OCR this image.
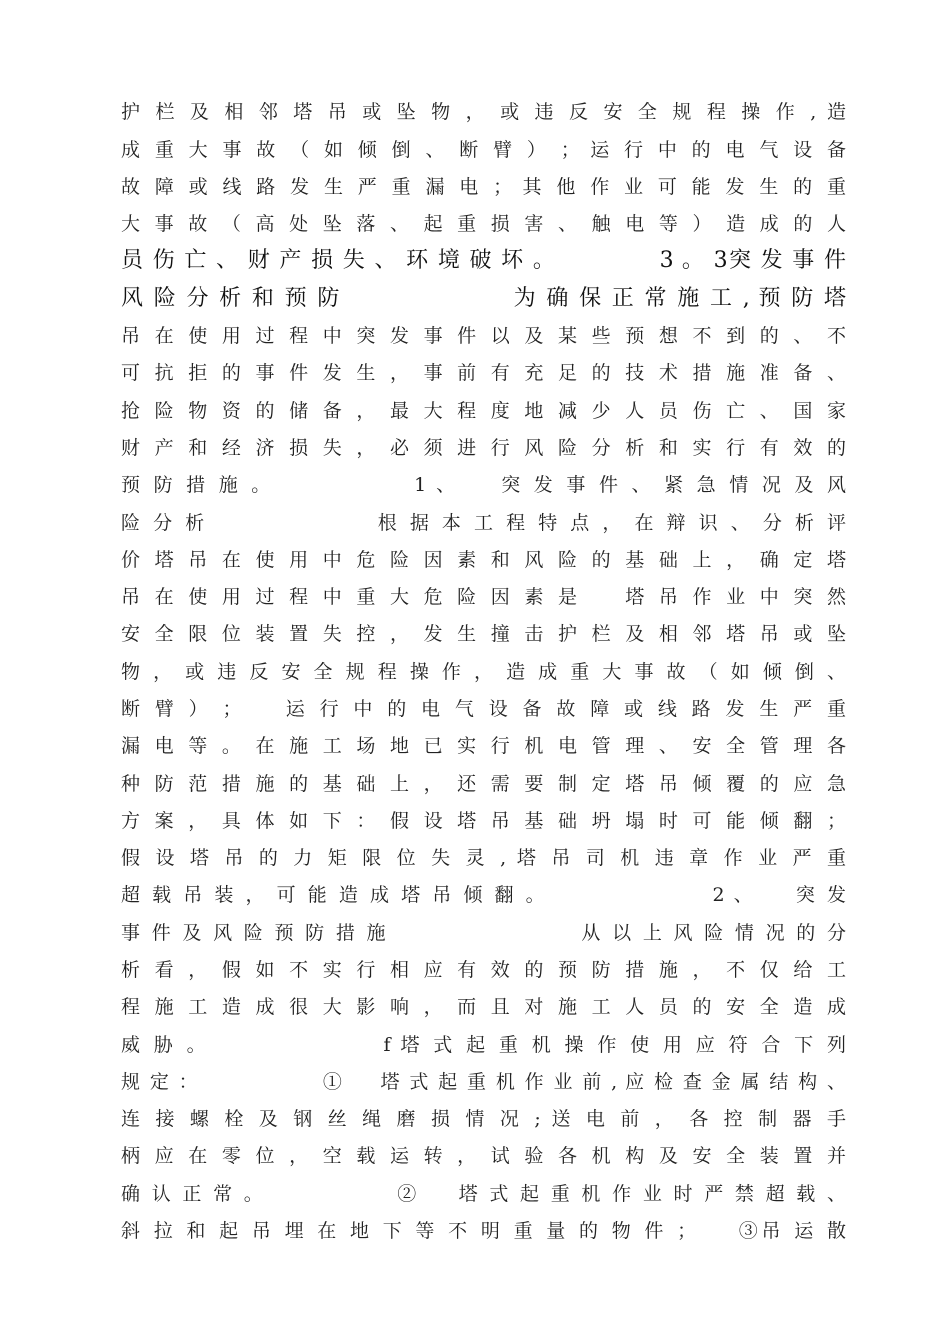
护 栏 及 相 邻 塔 吊 或 坠 物 ， 或 违 反 安 全 规 程 操 作 , 造
成 重 大 事 故 （ 如 倾 倒 、 断 臂 ） ； 运 行 中 的 电 气 设 备
故 障 或 线 路 发 生 严 重 漏 电 ； 其 他 作 业 可 能 发 生 的 重
大 事 故 （ 高 处 坠 落 、 起 重 损 害 、 触 电 等 ） 造 成 的 人
员 伤 亡 、 财 产 损 失 、 环 境 破 坏 。 　 　 　 3 。 3突 发 事 件
风 险 分 析 和 预 防 　 　 　 　 　 为 确 保 正 常 施 工 , 预 防 塔
吊 在 使 用 过 程 中 突 发 事 件 以 及 某 些 预 想 不 到 的 、 不
可 抗 拒 的 事 件 发 生 ， 事 前 有 充 足 的 技 术 措 施 准 备 、
抢 险 物 资 的 储 备 ， 最 大 程 度 地 减 少 人 员 伤 亡 、 国 家
财 产 和 经 济 损 失 ， 必 须 进 行 风 险 分 析 和 实 行 有 效 的
预 防 措 施 。 　 　 　 　 1 、 　 突 发 事 件 、 紧 急 情 况 及 风
险 分 析 　 　 　 　 　 根 据 本 工 程 特 点 ， 在 辩 识 、 分 析 评
价 塔 吊 在 使 用 中 危 险 因 素 和 风 险 的 基 础 上 ， 确 定 塔
吊 在 使 用 过 程 中 重 大 危 险 因 素 是 　 塔 吊 作 业 中 突 然
安 全 限 位 装 置 失 控 ， 发 生 撞 击 护 栏 及 相 邻 塔 吊 或 坠
物 ， 或 违 反 安 全 规 程 操 作 ， 造 成 重 大 事 故 （ 如 倾 倒 、
断 臂 ） ； 　 运 行 中 的 电 气 设 备 故 障 或 线 路 发 生 严 重
漏 电 等 。 在 施 工 场 地 已 实 行 机 电 管 理 、 安 全 管 理 各
种 防 范 措 施 的 基 础 上 ， 还 需 要 制 定 塔 吊 倾 覆 的 应 急
方 案 ， 具 体 如 下 ： 假 设 塔 吊 基 础 坍 塌 时 可 能 倾 翻 ；
假 设 塔 吊 的 力 矩 限 位 失 灵 , 塔 吊 司 机 违 章 作 业 严 重
超 载 吊 装 ， 可 能 造 成 塔 吊 倾 翻 。 　 　 　 　 　 2 、 　 突 发
事 件 及 风 险 预 防 措 施 　 　 　 　 　 　 从 以 上 风 险 情 况 的 分
析 看 ， 假 如 不 实 行 相 应 有 效 的 预 防 措 施 ， 不 仅 给 工
程 施 工 造 成 很 大 影 响 ， 而 且 对 施 工 人 员 的 安 全 造 成
威 胁 。 　 　 　 　 　 f 塔 式 起 重 机 操 作 使 用 应 符 合 下 列
规 定 ： 　 　 　 　 ① 　 塔 式 起 重 机 作 业 前 , 应 检 查 金 属 结 构 、
连 接 螺 栓 及 钢 丝 绳 磨 损 情 况 ; 送 电 前 ， 各 控 制 器 手
柄 应 在 零 位 ， 空 载 运 转 ， 试 验 各 机 构 及 安 全 装 置 并
确 认 正 常 。 　 　 　 　 ② 　 塔 式 起 重 机 作 业 时 严 禁 超 载 、
斜 拉 和 起 吊 埋 在 地 下 等 不 明 重 量 的 物 件 ； 　 ③吊 运 散
